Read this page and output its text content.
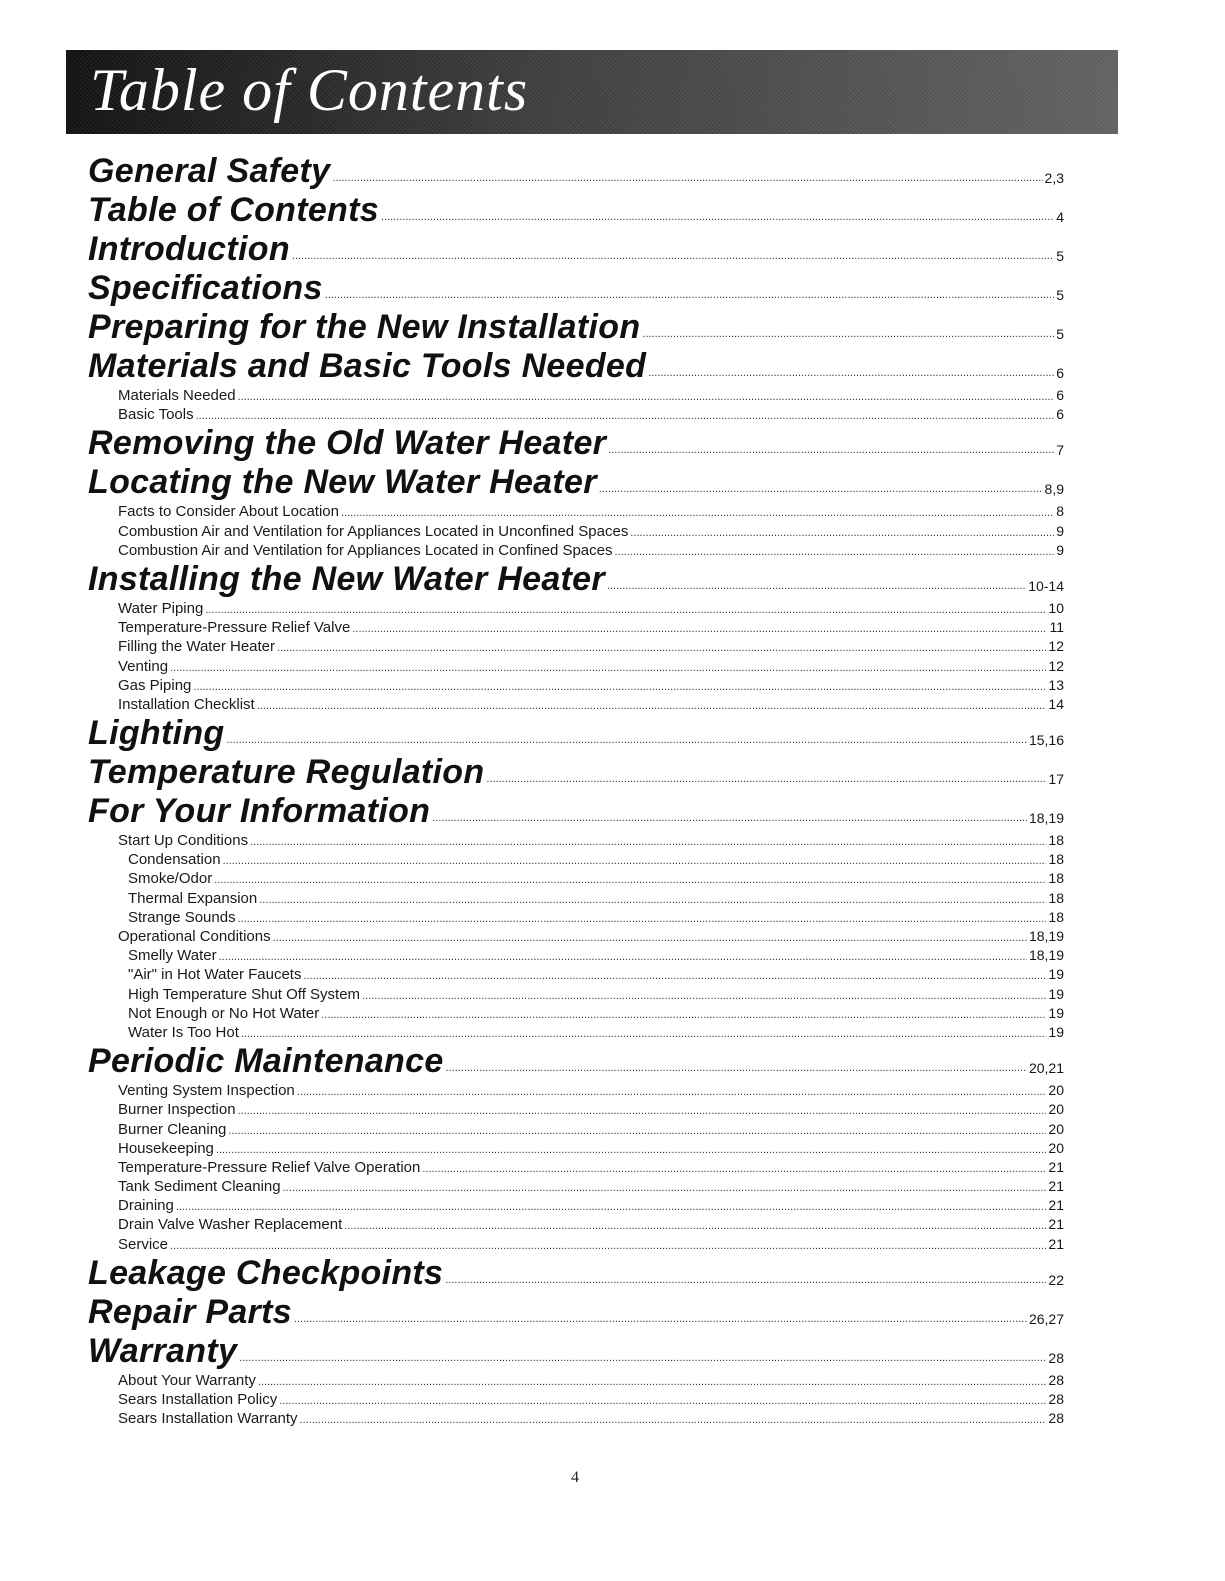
Table of Contents
General Safety .....	2,3
Table of Contents .....	4
Introduction .....	5
Specifications .....	5
Preparing for the New Installation .....	5
Materials and Basic Tools Needed .....	6
Materials Needed .....	6
Basic Tools .....	6
Removing the Old Water Heater .....	7
Locating the New Water Heater .....	8,9
Facts to Consider About Location .....	8
Combustion Air and Ventilation for Appliances Located in Unconfined Spaces .....	9
Combustion Air and Ventilation for Appliances Located in Confined Spaces .....	9
Installing the New Water Heater .....	10-14
Water Piping .....	10
Temperature-Pressure Relief Valve .....	11
Filling the Water Heater .....	12
Venting .....	12
Gas Piping .....	13
Installation Checklist .....	14
Lighting .....	15,16
Temperature Regulation .....	17
For Your Information .....	18,19
Start Up Conditions .....	18
Condensation .....	18
Smoke/Odor .....	18
Thermal Expansion .....	18
Strange Sounds .....	18
Operational Conditions .....	18,19
Smelly Water .....	18,19
"Air" in Hot Water Faucets .....	19
High Temperature Shut Off System .....	19
Not Enough or No Hot Water .....	19
Water Is Too Hot .....	19
Periodic Maintenance .....	20,21
Venting System Inspection .....	20
Burner Inspection .....	20
Burner Cleaning .....	20
Housekeeping .....	20
Temperature-Pressure Relief Valve Operation .....	21
Tank Sediment Cleaning .....	21
Draining .....	21
Drain Valve Washer Replacement .....	21
Service .....	21
Leakage Checkpoints .....	22
Repair Parts .....	26,27
Warranty .....	28
About Your Warranty .....	28
Sears Installation Policy .....	28
Sears Installation Warranty .....	28
4
